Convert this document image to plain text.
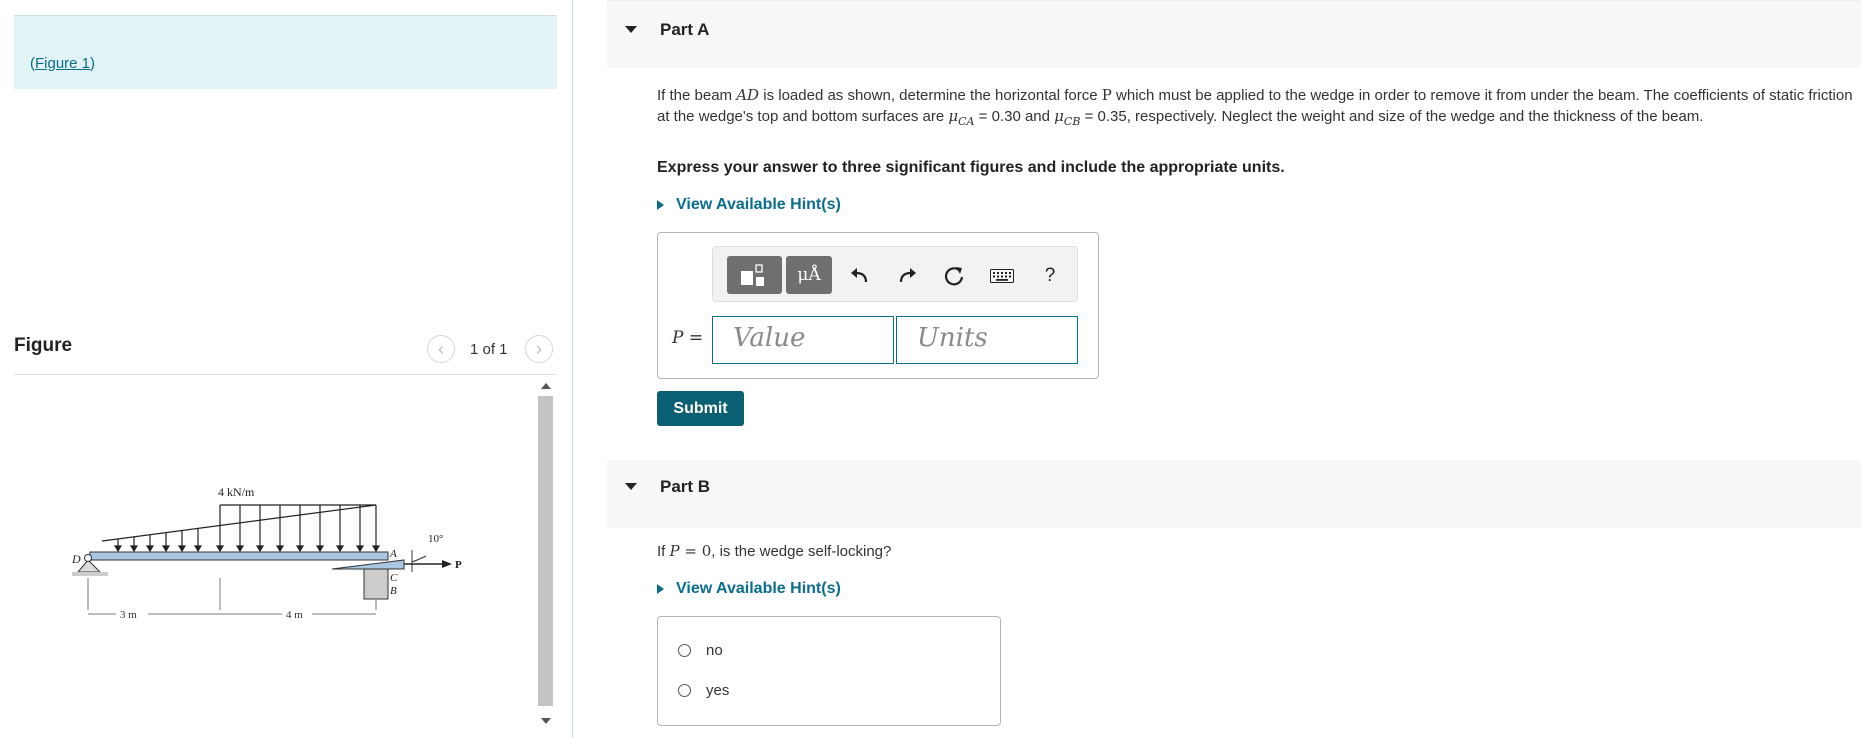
(Figure 1)
Figure	‹ 1 of 1 ›
4 kN/m
D	A
C
B
10°
P
3 m	4 m
Part A
If the beam AD is loaded as shown, determine the horizontal force P which must be applied to the wedge in order to remove it from under the beam. The coefficients of static friction at the wedge's top and bottom surfaces are $\mu_{CA} = 0.30$ and $\mu_{CB} = 0.35$, respectively. Neglect the weight and size of the wedge and the thickness of the beam.
Express your answer to three significant figures and include the appropriate units.
View Available Hint(s)
μÅ	?
P =	Value	Units
Submit
Part B
If P = 0, is the wedge self-locking?
View Available Hint(s)
no
yes
